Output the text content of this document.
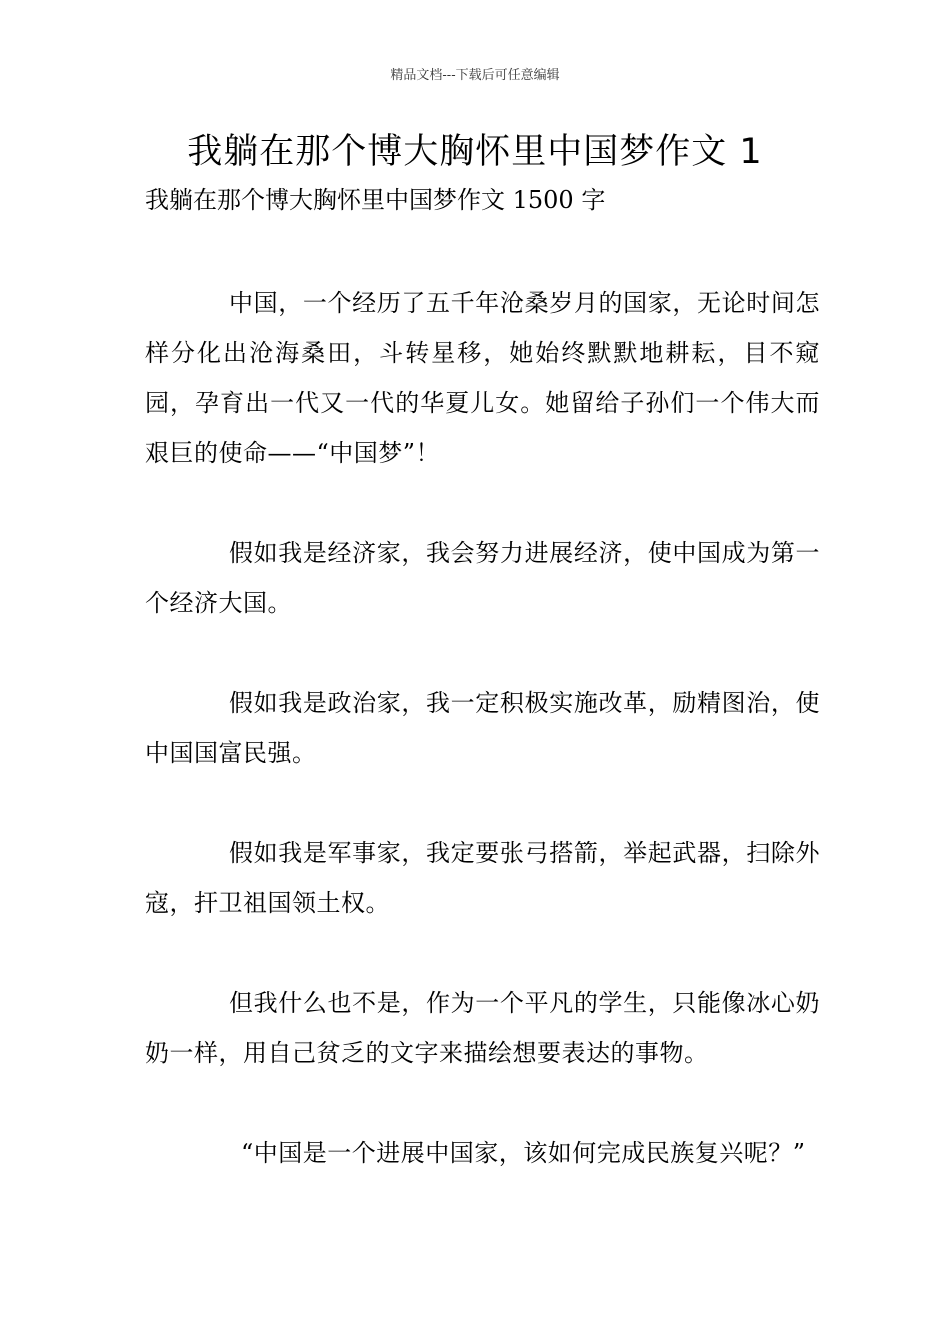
精品文档---下载后可任意编辑
我躺在那个博大胸怀里中国梦作文 1

我躺在那个博大胸怀里中国梦作文 1500 字

中国，一个经历了五千年沧桑岁月的国家，无论时间怎样分化出沧海桑田，斗转星移，她始终默默地耕耘，目不窥园，孕育出一代又一代的华夏儿女。她留给子孙们一个伟大而艰巨的使命——“中国梦”！

假如我是经济家，我会努力进展经济，使中国成为第一个经济大国。

假如我是政治家，我一定积极实施改革，励精图治，使中国国富民强。

假如我是军事家，我定要张弓搭箭，举起武器，扫除外寇，扞卫祖国领土权。

但我什么也不是，作为一个平凡的学生，只能像冰心奶奶一样，用自己贫乏的文字来描绘想要表达的事物。

“中国是一个进展中国家，该如何完成民族复兴呢？”
